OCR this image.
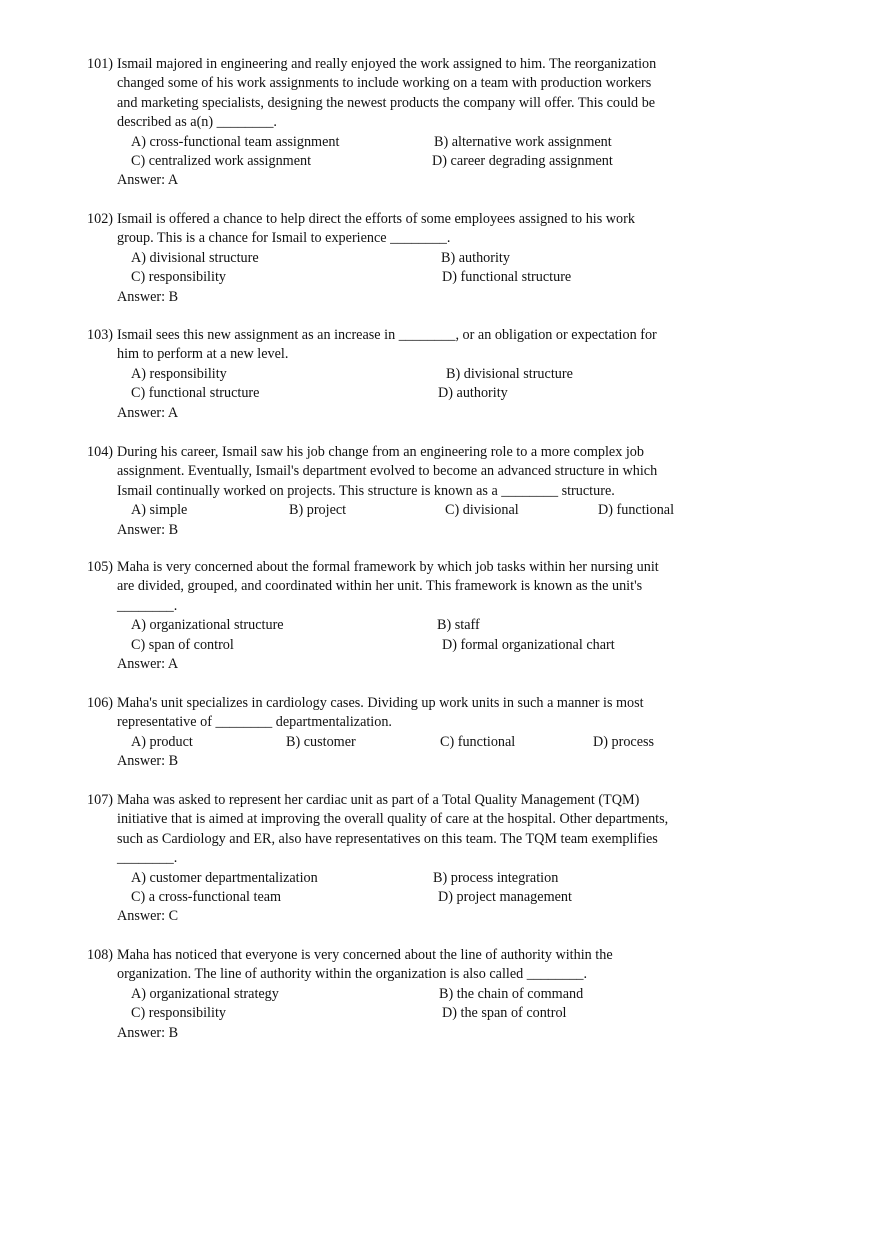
101) Ismail majored in engineering and really enjoyed the work assigned to him. The reorganization changed some of his work assignments to include working on a team with production workers and marketing specialists, designing the newest products the company will offer. This could be described as a(n) ________.
A) cross-functional team assignment	B) alternative work assignment
C) centralized work assignment	D) career degrading assignment
Answer: A
102) Ismail is offered a chance to help direct the efforts of some employees assigned to his work group. This is a chance for Ismail to experience ________.
A) divisional structure	B) authority
C) responsibility	D) functional structure
Answer: B
103) Ismail sees this new assignment as an increase in ________, or an obligation or expectation for him to perform at a new level.
A) responsibility	B) divisional structure
C) functional structure	D) authority
Answer: A
104) During his career, Ismail saw his job change from an engineering role to a more complex job assignment. Eventually, Ismail's department evolved to become an advanced structure in which Ismail continually worked on projects. This structure is known as a ________ structure.
A) simple	B) project	C) divisional	D) functional
Answer: B
105) Maha is very concerned about the formal framework by which job tasks within her nursing unit are divided, grouped, and coordinated within her unit. This framework is known as the unit's ________.
A) organizational structure	B) staff
C) span of control	D) formal organizational chart
Answer: A
106) Maha's unit specializes in cardiology cases. Dividing up work units in such a manner is most representative of ________ departmentalization.
A) product	B) customer	C) functional	D) process
Answer: B
107) Maha was asked to represent her cardiac unit as part of a Total Quality Management (TQM) initiative that is aimed at improving the overall quality of care at the hospital. Other departments, such as Cardiology and ER, also have representatives on this team. The TQM team exemplifies ________.
A) customer departmentalization	B) process integration
C) a cross-functional team	D) project management
Answer: C
108) Maha has noticed that everyone is very concerned about the line of authority within the organization. The line of authority within the organization is also called ________.
A) organizational strategy	B) the chain of command
C) responsibility	D) the span of control
Answer: B
